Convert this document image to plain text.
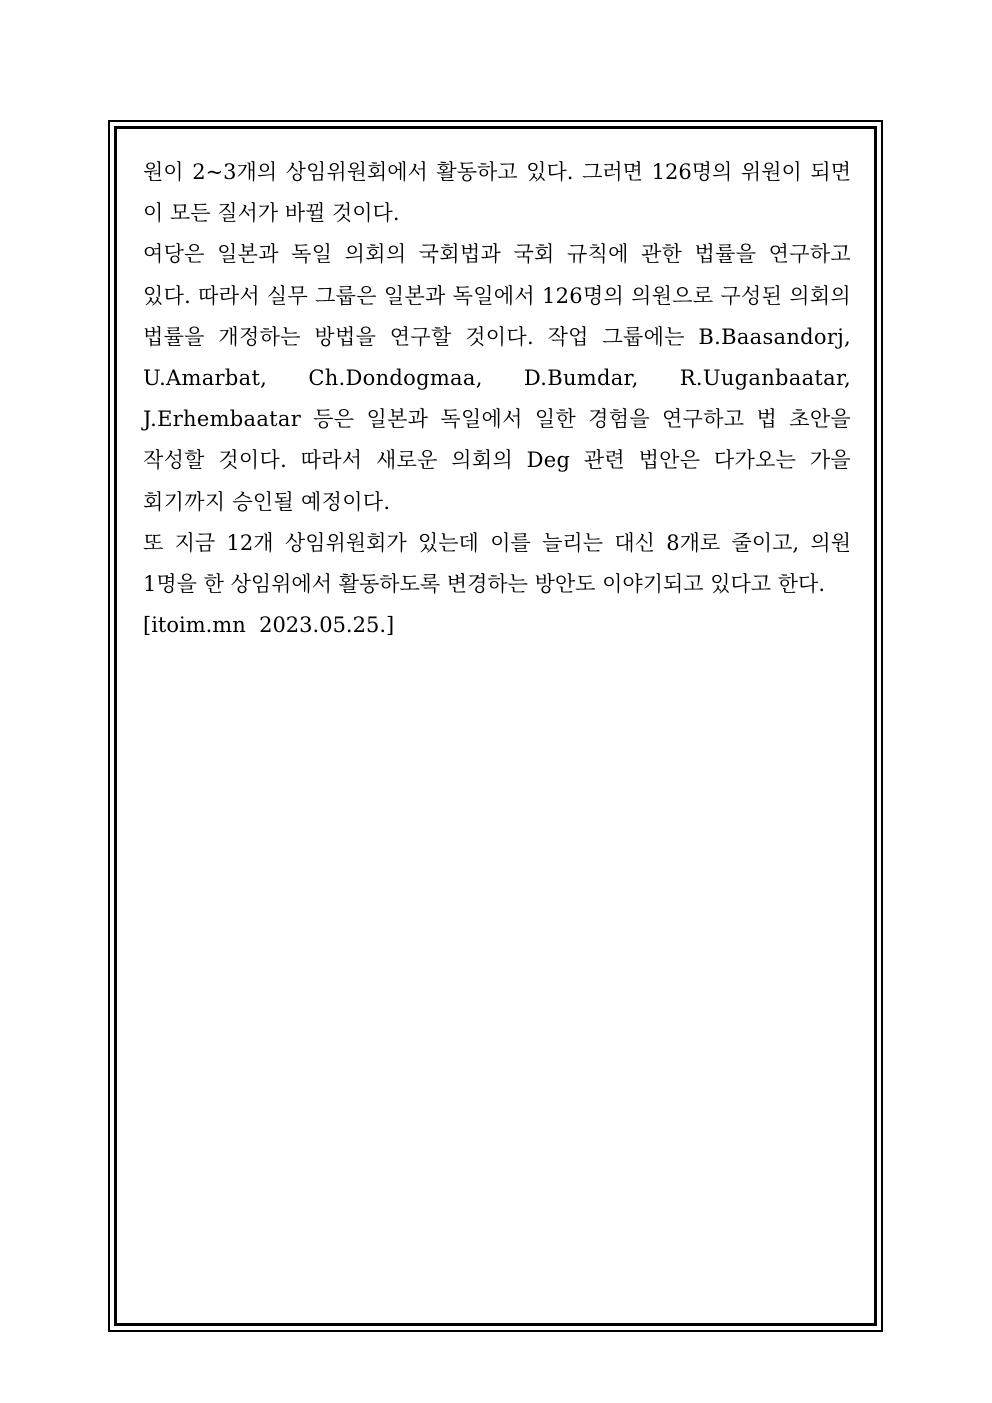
원이 2~3개의 상임위원회에서 활동하고 있다. 그러면 126명의 위원이 되면 이 모든 질서가 바뀔 것이다.

여당은 일본과 독일 의회의 국회법과 국회 규칙에 관한 법률을 연구하고 있다. 따라서 실무 그룹은 일본과 독일에서 126명의 의원으로 구성된 의회의 법률을 개정하는 방법을 연구할 것이다. 작업 그룹에는 B.Baasandorj, U.Amarbat, Ch.Dondogmaa, D.Bumdar, R.Uuganbaatar, J.Erhembaatar 등은 일본과 독일에서 일한 경험을 연구하고 법 초안을 작성할 것이다. 따라서 새로운 의회의 Deg 관련 법안은 다가오는 가을 회기까지 승인될 예정이다.

또 지금 12개 상임위원회가 있는데 이를 늘리는 대신 8개로 줄이고, 의원 1명을 한 상임위에서 활동하도록 변경하는 방안도 이야기되고 있다고 한다.

[itoim.mn  2023.05.25.]
